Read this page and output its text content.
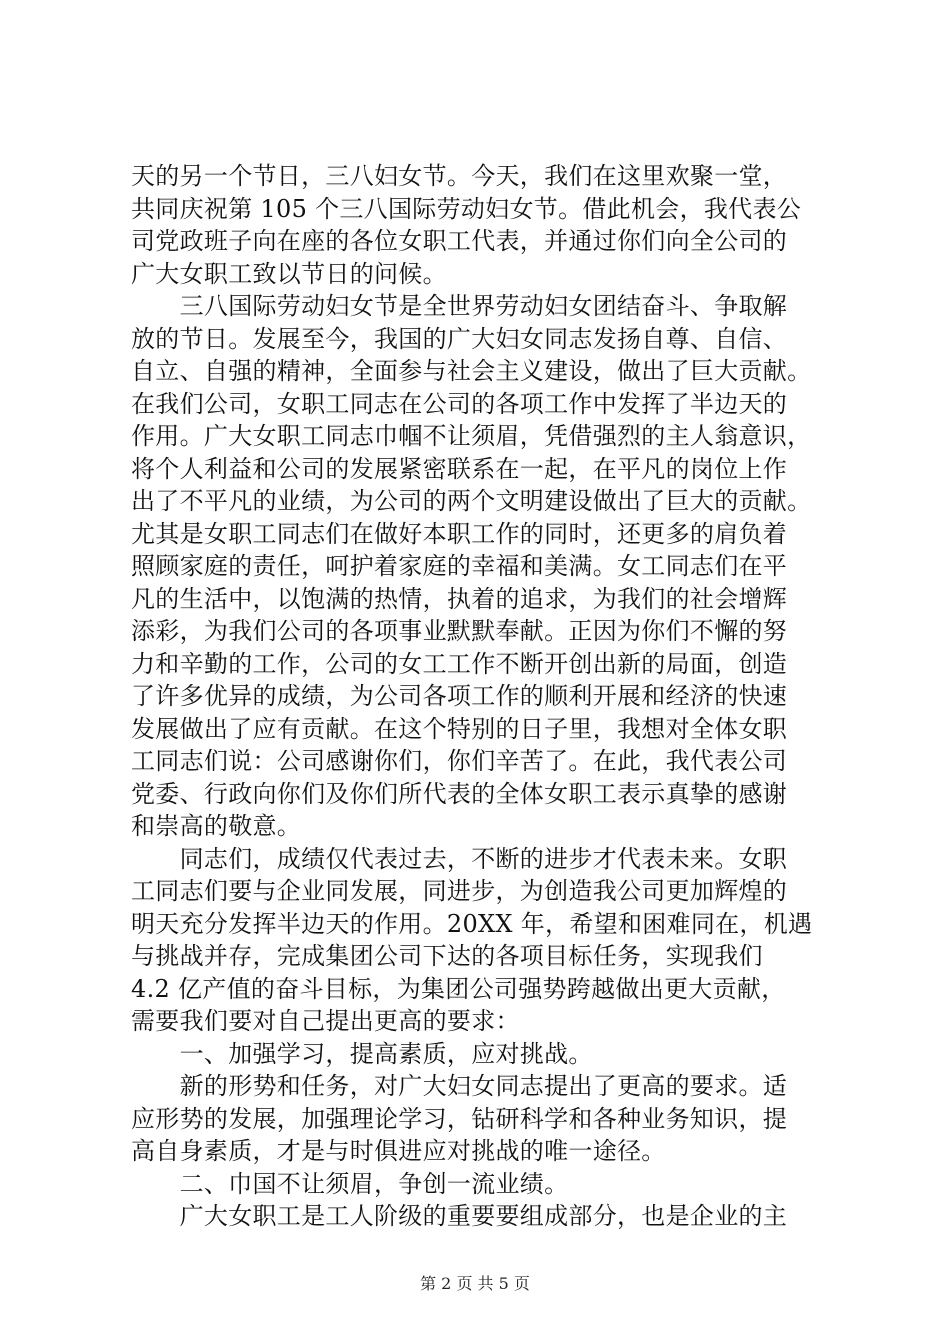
天的另一个节日，三八妇女节。今天，我们在这里欢聚一堂，
共同庆祝第 105 个三八国际劳动妇女节。借此机会，我代表公
司党政班子向在座的各位女职工代表，并通过你们向全公司的
广大女职工致以节日的问候。
　　三八国际劳动妇女节是全世界劳动妇女团结奋斗、争取解
放的节日。发展至今，我国的广大妇女同志发扬自尊、自信、
自立、自强的精神，全面参与社会主义建设，做出了巨大贡献。
在我们公司，女职工同志在公司的各项工作中发挥了半边天的
作用。广大女职工同志巾帼不让须眉，凭借强烈的主人翁意识，
将个人利益和公司的发展紧密联系在一起，在平凡的岗位上作
出了不平凡的业绩，为公司的两个文明建设做出了巨大的贡献。
尤其是女职工同志们在做好本职工作的同时，还更多的肩负着
照顾家庭的责任，呵护着家庭的幸福和美满。女工同志们在平
凡的生活中，以饱满的热情，执着的追求，为我们的社会增辉
添彩，为我们公司的各项事业默默奉献。正因为你们不懈的努
力和辛勤的工作，公司的女工工作不断开创出新的局面，创造
了许多优异的成绩，为公司各项工作的顺利开展和经济的快速
发展做出了应有贡献。在这个特别的日子里，我想对全体女职
工同志们说：公司感谢你们，你们辛苦了。在此，我代表公司
党委、行政向你们及你们所代表的全体女职工表示真挚的感谢
和崇高的敬意。
　　同志们，成绩仅代表过去，不断的进步才代表未来。女职
工同志们要与企业同发展，同进步，为创造我公司更加辉煌的
明天充分发挥半边天的作用。20XX 年，希望和困难同在，机遇
与挑战并存，完成集团公司下达的各项目标任务，实现我们
4.2 亿产值的奋斗目标，为集团公司强势跨越做出更大贡献，
需要我们要对自己提出更高的要求：
　　一、加强学习，提高素质，应对挑战。
　　新的形势和任务，对广大妇女同志提出了更高的要求。适
应形势的发展，加强理论学习，钻研科学和各种业务知识，提
高自身素质，才是与时俱进应对挑战的唯一途径。
　　二、巾国不让须眉，争创一流业绩。
　　广大女职工是工人阶级的重要要组成部分，也是企业的主
第 2 页 共 5 页
